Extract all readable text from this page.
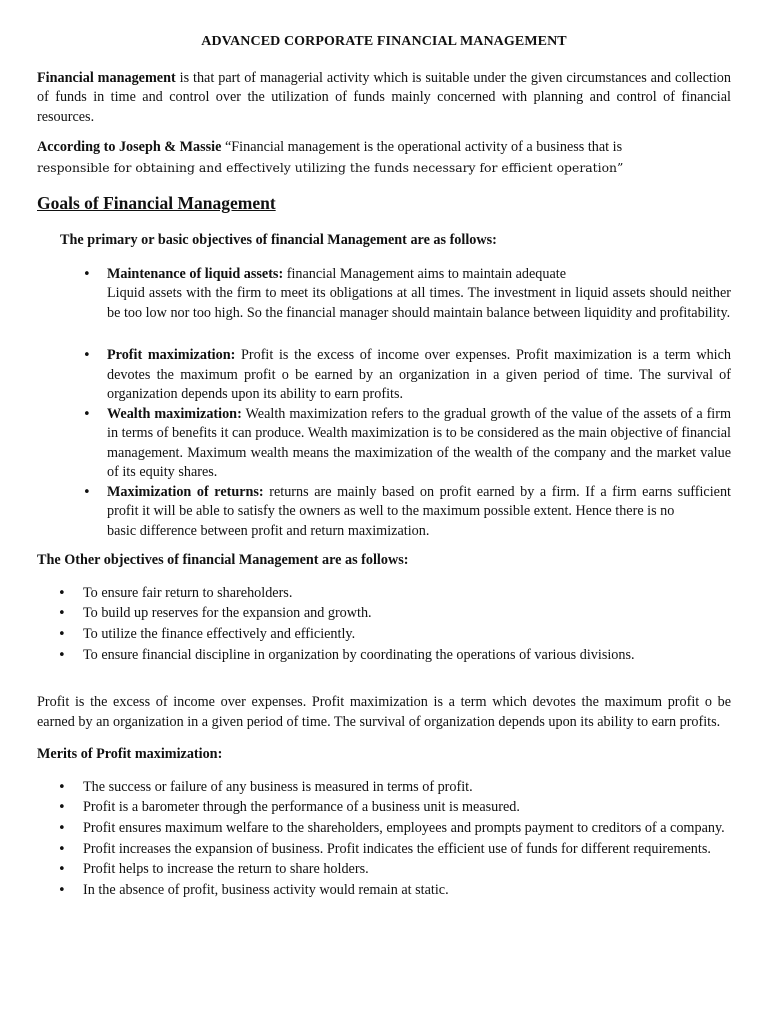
ADVANCED CORPORATE FINANCIAL MANAGEMENT

Financial management is that part of managerial activity which is suitable under the given circumstances and collection of funds in time and control over the utilization of funds mainly concerned with planning and control of financial resources.

According to Joseph & Massie “Financial management is the operational activity of a business that is
responsible for obtaining and effectively utilizing the funds necessary for efficient operation”

Goals of Financial Management
The primary or basic objectives of financial Management are as follows:
• Maintenance of liquid assets: financial Management aims to maintain adequate
Liquid assets with the firm to meet its obligations at all times. The investment in liquid assets should neither be too low nor too high. So the financial manager should maintain balance between liquidity and profitability.
• Profit maximization: Profit is the excess of income over expenses. Profit maximization is a term which devotes the maximum profit o be earned by an organization in a given period of time. The survival of organization depends upon its ability to earn profits.
• Wealth maximization: Wealth maximization refers to the gradual growth of the value of the assets of a firm in terms of benefits it can produce. Wealth maximization is to be considered as the main objective of financial management. Maximum wealth means the maximization of the wealth of the company and the market value of its equity shares.
• Maximization of returns: returns are mainly based on profit earned by a firm. If a firm earns sufficient profit it will be able to satisfy the owners as well to the maximum possible extent. Hence there is no
basic difference between profit and return maximization.
The Other objectives of financial Management are as follows:
• To ensure fair return to shareholders.
• To build up reserves for the expansion and growth.
• To utilize the finance effectively and efficiently.
• To ensure financial discipline in organization by coordinating the operations of various divisions.

Profit is the excess of income over expenses. Profit maximization is a term which devotes the maximum profit o be earned by an organization in a given period of time. The survival of organization depends upon its ability to earn profits.

Merits of Profit maximization:
• The success or failure of any business is measured in terms of profit.
• Profit is a barometer through the performance of a business unit is measured.
• Profit ensures maximum welfare to the shareholders, employees and prompts payment to creditors of a company.
• Profit increases the expansion of business. Profit indicates the efficient use of funds for different requirements.
• Profit helps to increase the return to share holders.
• In the absence of profit, business activity would remain at static.
